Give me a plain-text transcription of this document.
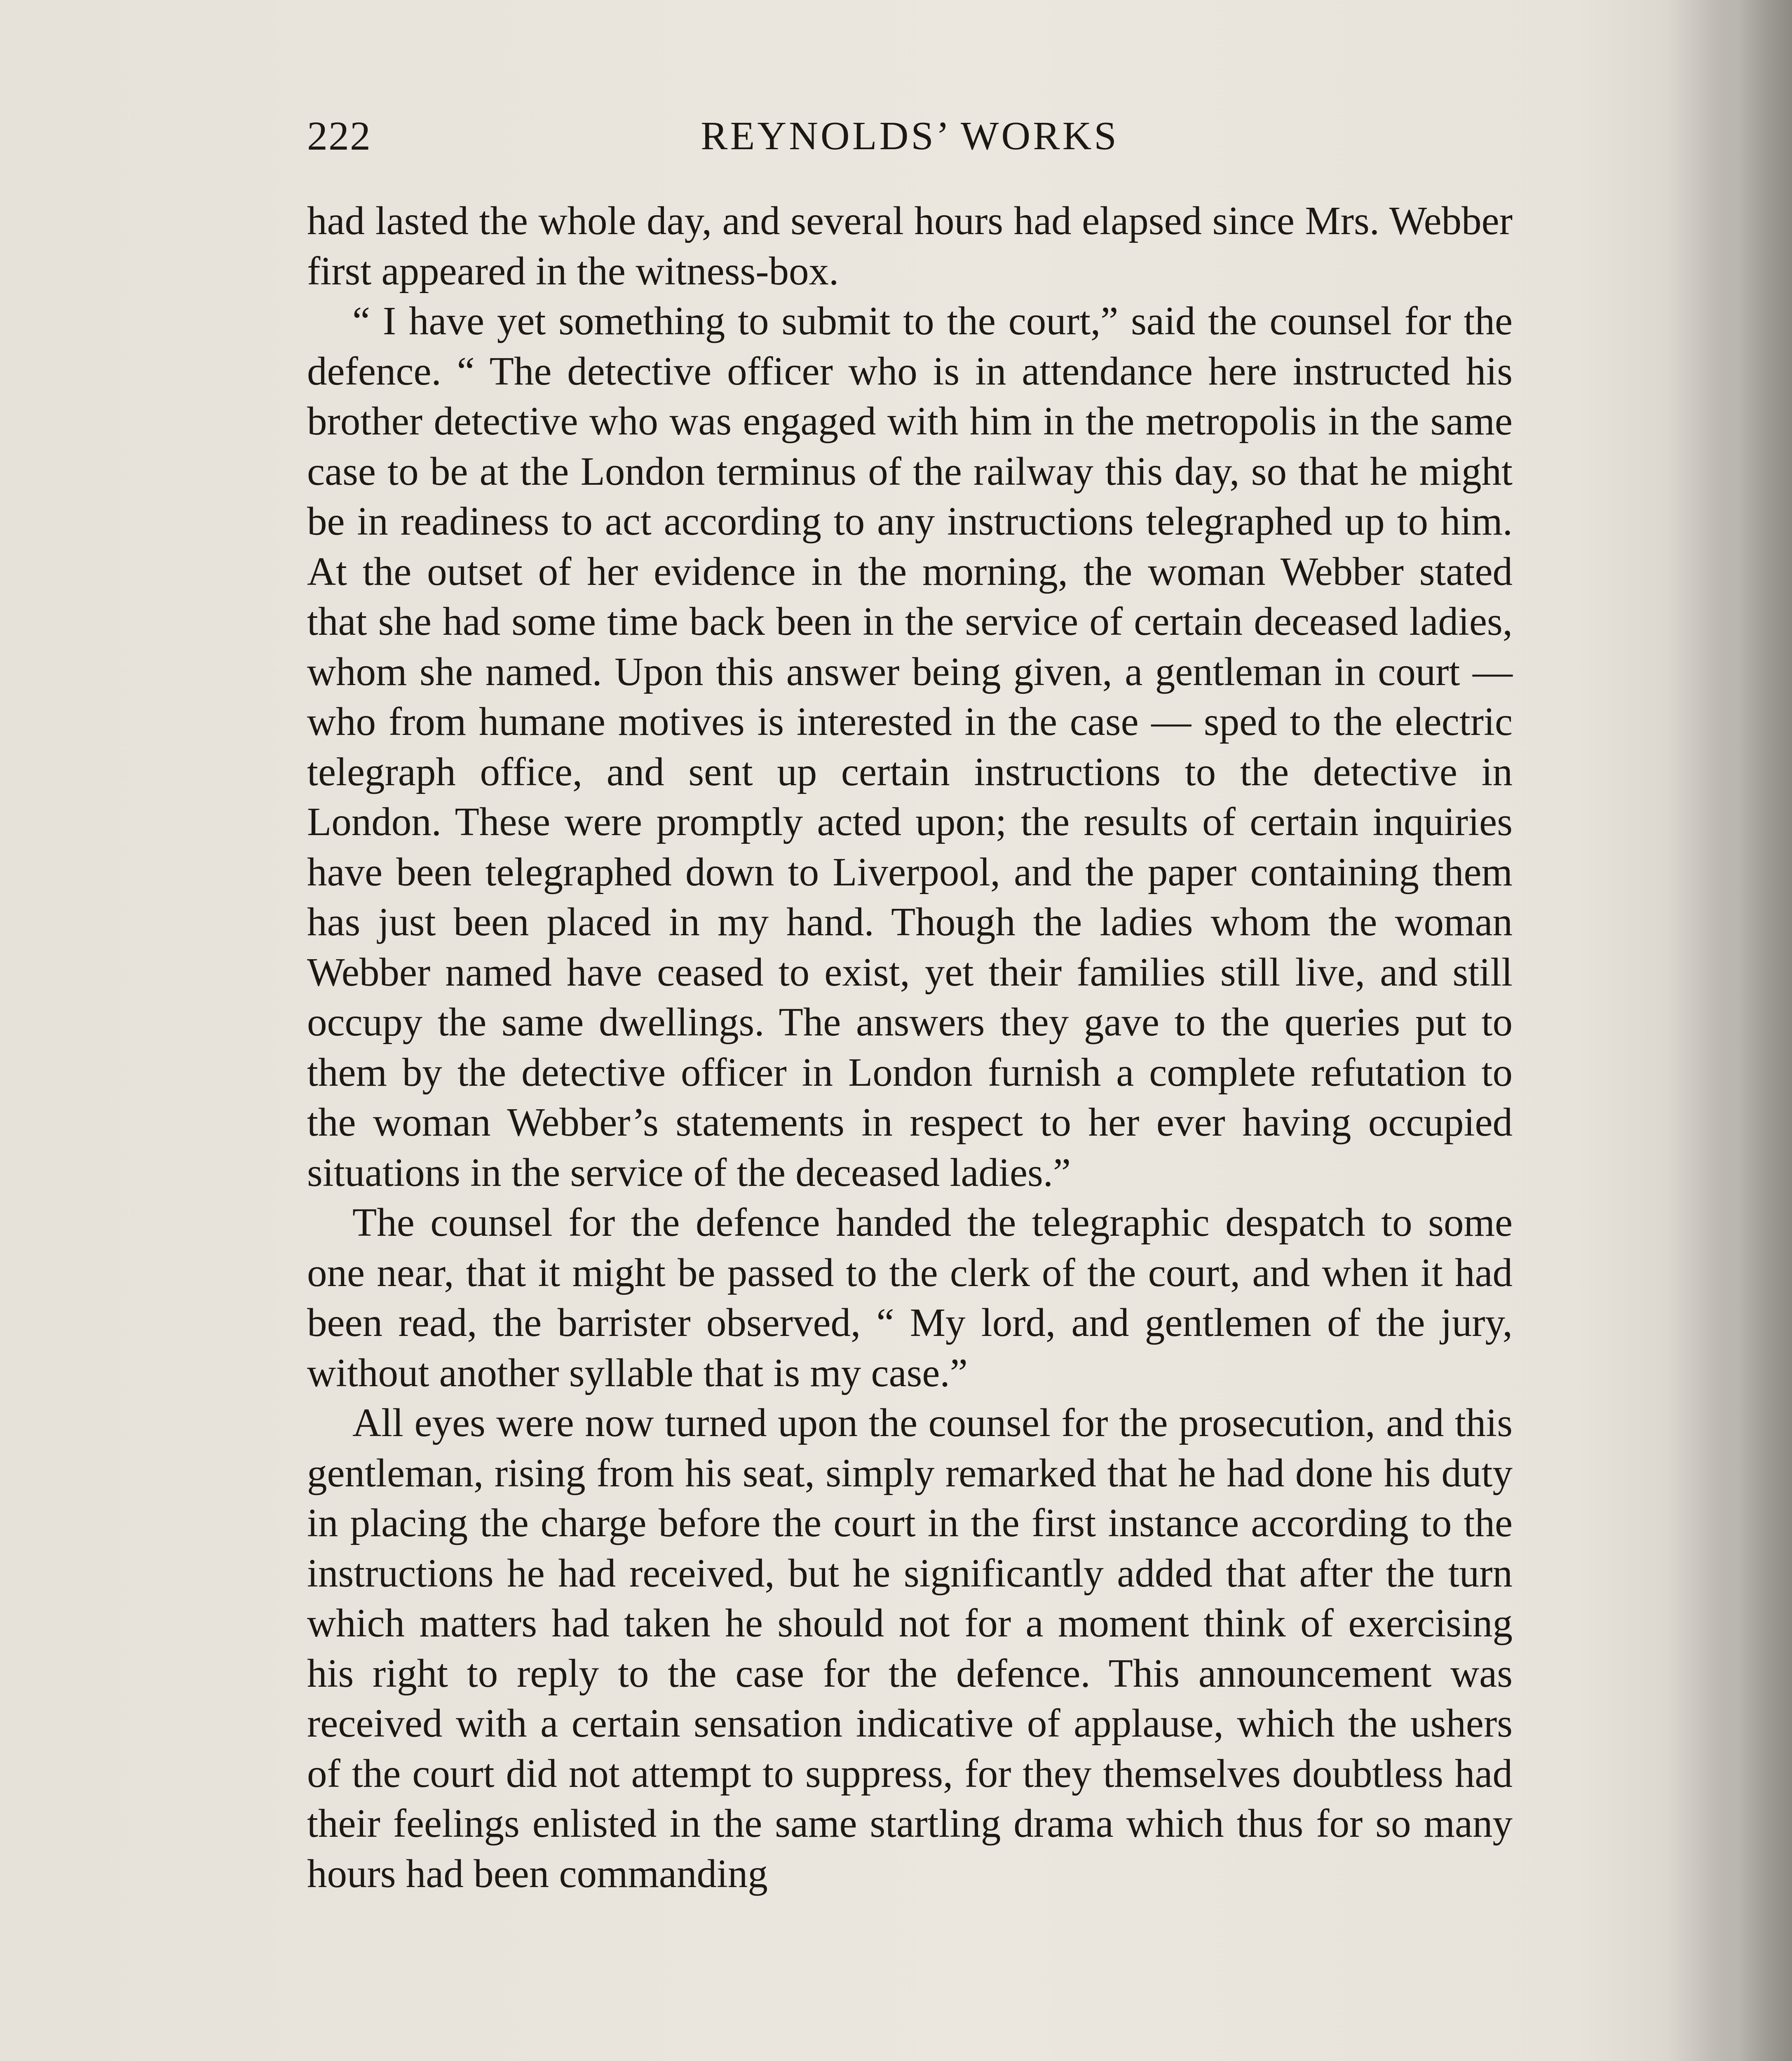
222	REYNOLDS’ WORKS

had lasted the whole day, and several hours had elapsed since Mrs. Webber first appeared in the witness-box.

“ I have yet something to submit to the court,” said the counsel for the defence. “ The detective officer who is in attendance here instructed his brother detective who was engaged with him in the metropolis in the same case to be at the London terminus of the railway this day, so that he might be in readiness to act according to any instructions telegraphed up to him. At the outset of her evidence in the morning, the woman Webber stated that she had some time back been in the service of certain deceased ladies, whom she named. Upon this answer being given, a gentleman in court — who from humane motives is interested in the case — sped to the electric telegraph office, and sent up certain instructions to the detective in London. These were promptly acted upon; the results of certain inquiries have been telegraphed down to Liverpool, and the paper containing them has just been placed in my hand. Though the ladies whom the woman Webber named have ceased to exist, yet their families still live, and still occupy the same dwellings. The answers they gave to the queries put to them by the detective officer in London furnish a complete refutation to the woman Webber’s statements in respect to her ever having occupied situations in the service of the deceased ladies.”

The counsel for the defence handed the telegraphic despatch to some one near, that it might be passed to the clerk of the court, and when it had been read, the barrister observed, “ My lord, and gentlemen of the jury, without another syllable that is my case.”

All eyes were now turned upon the counsel for the prosecution, and this gentleman, rising from his seat, simply remarked that he had done his duty in placing the charge before the court in the first instance according to the instructions he had received, but he significantly added that after the turn which matters had taken he should not for a moment think of exercising his right to reply to the case for the defence. This announcement was received with a certain sensation indicative of applause, which the ushers of the court did not attempt to suppress, for they themselves doubtless had their feelings enlisted in the same startling drama which thus for so many hours had been commanding
